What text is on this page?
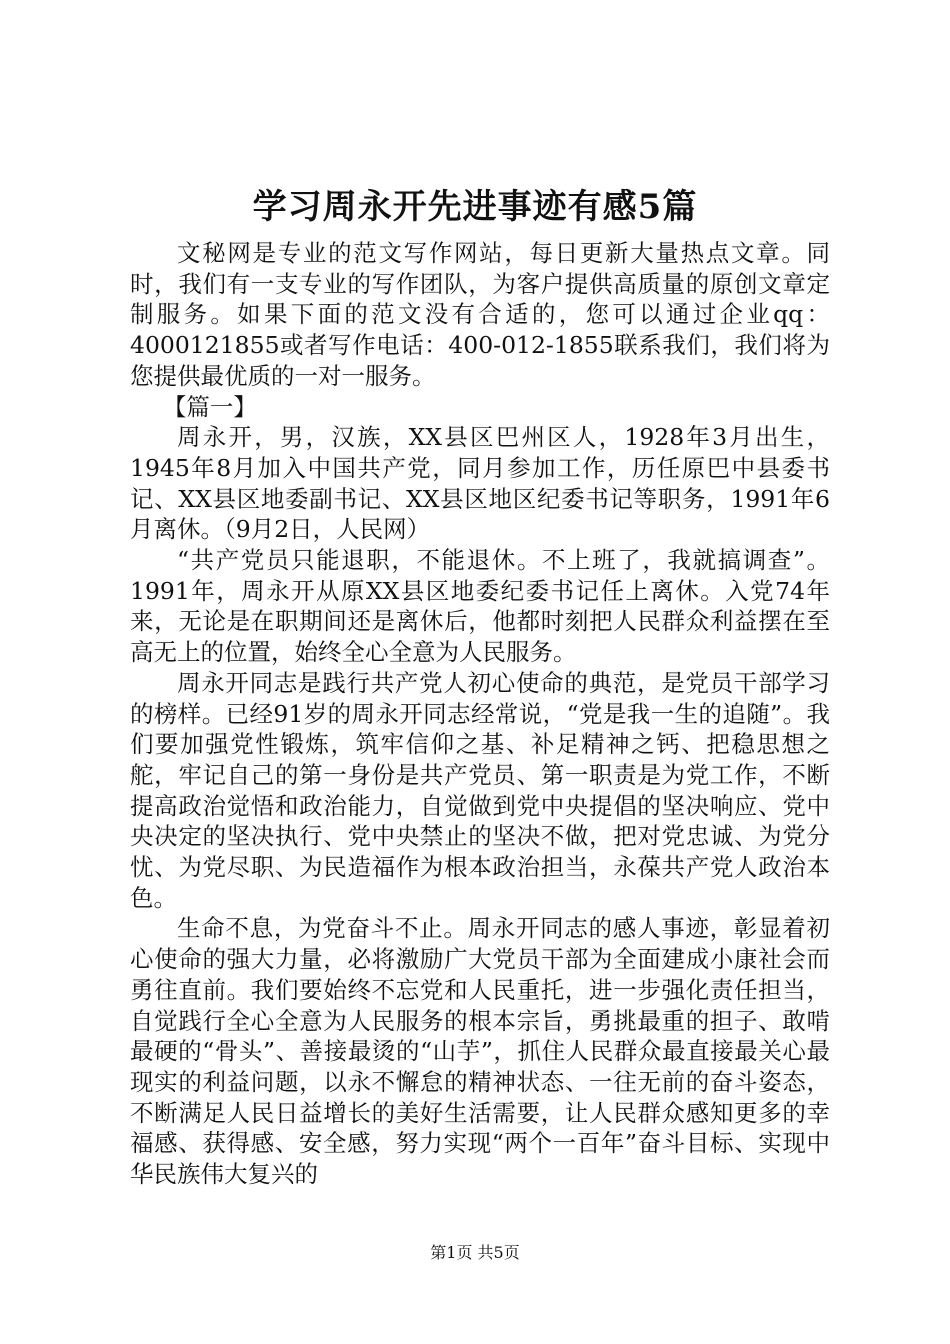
学习周永开先进事迹有感5篇

文秘网是专业的范文写作网站，每日更新大量热点文章。同时，我们有一支专业的写作团队，为客户提供高质量的原创文章定制服务。如果下面的范文没有合适的，您可以通过企业qq：4000121855或者写作电话：400-012-1855联系我们，我们将为您提供最优质的一对一服务。

【篇一】

周永开，男，汉族，XX县区巴州区人，1928年3月出生，1945年8月加入中国共产党，同月参加工作，历任原巴中县委书记、XX县区地委副书记、XX县区地区纪委书记等职务，1991年6月离休。（9月2日，人民网）

“共产党员只能退职，不能退休。不上班了，我就搞调查”。1991年，周永开从原XX县区地委纪委书记任上离休。入党74年来，无论是在职期间还是离休后，他都时刻把人民群众利益摆在至高无上的位置，始终全心全意为人民服务。

周永开同志是践行共产党人初心使命的典范，是党员干部学习的榜样。已经91岁的周永开同志经常说，“党是我一生的追随”。我们要加强党性锻炼，筑牢信仰之基、补足精神之钙、把稳思想之舵，牢记自己的第一身份是共产党员、第一职责是为党工作，不断提高政治觉悟和政治能力，自觉做到党中央提倡的坚决响应、党中央决定的坚决执行、党中央禁止的坚决不做，把对党忠诚、为党分忧、为党尽职、为民造福作为根本政治担当，永葆共产党人政治本色。

生命不息，为党奋斗不止。周永开同志的感人事迹，彰显着初心使命的强大力量，必将激励广大党员干部为全面建成小康社会而勇往直前。我们要始终不忘党和人民重托，进一步强化责任担当，自觉践行全心全意为人民服务的根本宗旨，勇挑最重的担子、敢啃最硬的“骨头”、善接最烫的“山芋”，抓住人民群众最直接最关心最现实的利益问题，以永不懈怠的精神状态、一往无前的奋斗姿态，不断满足人民日益增长的美好生活需要，让人民群众感知更多的幸福感、获得感、安全感，努力实现“两个一百年”奋斗目标、实现中华民族伟大复兴的

第1页 共5页
